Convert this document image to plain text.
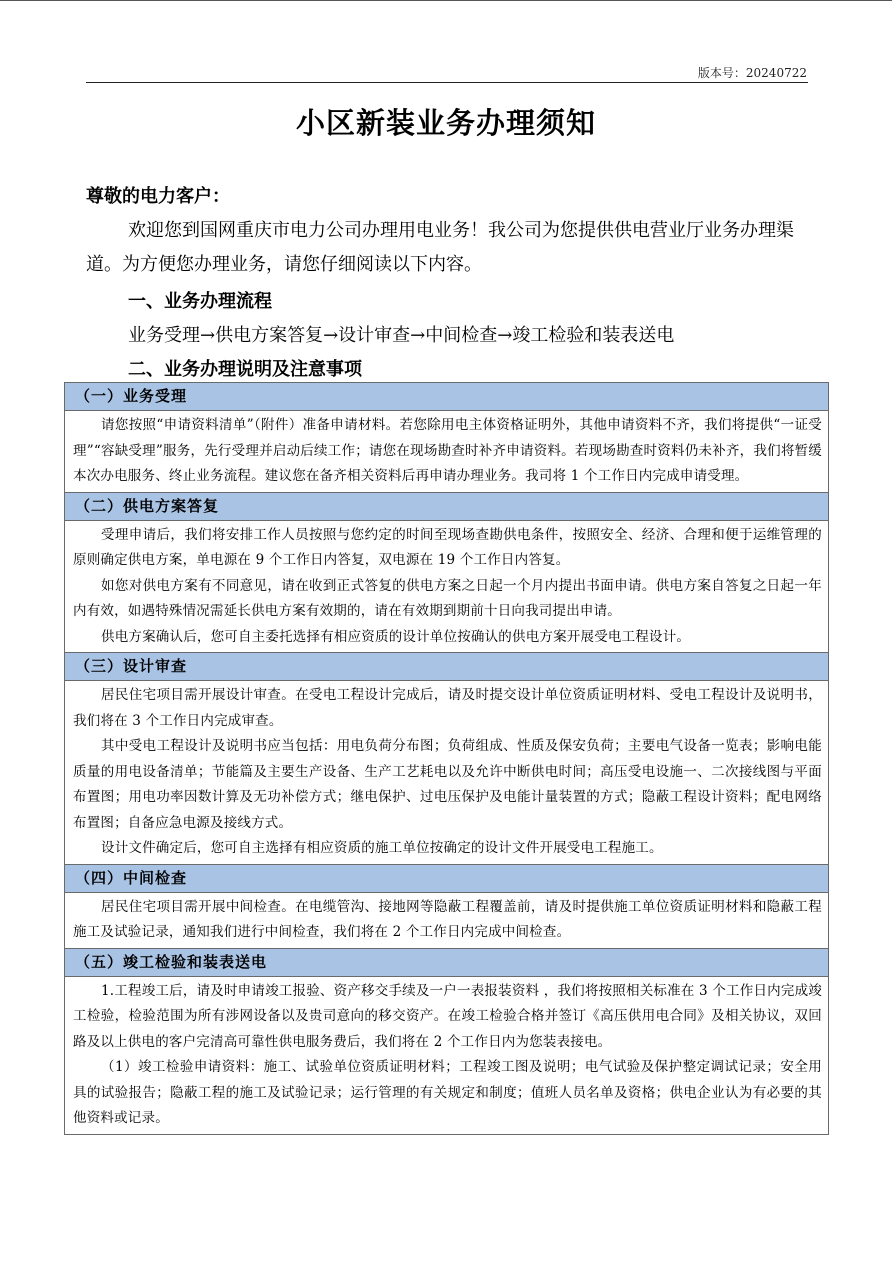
版本号：20240722
小区新装业务办理须知
尊敬的电力客户：
欢迎您到国网重庆市电力公司办理用电业务！我公司为您提供供电营业厅业务办理渠道。为方便您办理业务，请您仔细阅读以下内容。
一、业务办理流程
业务受理→供电方案答复→设计审查→中间检查→竣工检验和装表送电
二、业务办理说明及注意事项
（一）业务受理

请您按照“申请资料清单”（附件）准备申请材料。若您除用电主体资格证明外，其他申请资料不齐，我们将提供“一证受理”“容缺受理”服务，先行受理并启动后续工作；请您在现场勘查时补齐申请资料。若现场勘查时资料仍未补齐，我们将暂缓本次办电服务、终止业务流程。建议您在备齐相关资料后再申请办理业务。我司将 1 个工作日内完成申请受理。

（二）供电方案答复

受理申请后，我们将安排工作人员按照与您约定的时间至现场查勘供电条件，按照安全、经济、合理和便于运维管理的原则确定供电方案，单电源在 9 个工作日内答复，双电源在 19 个工作日内答复。

如您对供电方案有不同意见，请在收到正式答复的供电方案之日起一个月内提出书面申请。供电方案自答复之日起一年内有效，如遇特殊情况需延长供电方案有效期的，请在有效期到期前十日向我司提出申请。

供电方案确认后，您可自主委托选择有相应资质的设计单位按确认的供电方案开展受电工程设计。

（三）设计审查

居民住宅项目需开展设计审查。在受电工程设计完成后，请及时提交设计单位资质证明材料、受电工程设计及说明书，我们将在 3 个工作日内完成审查。

其中受电工程设计及说明书应当包括：用电负荷分布图；负荷组成、性质及保安负荷；主要电气设备一览表；影响电能质量的用电设备清单；节能篇及主要生产设备、生产工艺耗电以及允许中断供电时间；高压受电设施一、二次接线图与平面布置图；用电功率因数计算及无功补偿方式；继电保护、过电压保护及电能计量装置的方式；隐蔽工程设计资料；配电网络布置图；自备应急电源及接线方式。

设计文件确定后，您可自主选择有相应资质的施工单位按确定的设计文件开展受电工程施工。

（四）中间检查

居民住宅项目需开展中间检查。在电缆管沟、接地网等隐蔽工程覆盖前，请及时提供施工单位资质证明材料和隐蔽工程施工及试验记录，通知我们进行中间检查，我们将在 2 个工作日内完成中间检查。

（五）竣工检验和装表送电

1.工程竣工后，请及时申请竣工报验、资产移交手续及一户一表报装资料 ，我们将按照相关标准在 3 个工作日内完成竣工检验，检验范围为所有涉网设备以及贵司意向的移交资产。在竣工检验合格并签订《高压供用电合同》及相关协议，双回路及以上供电的客户完清高可靠性供电服务费后，我们将在 2 个工作日内为您装表接电。

（1）竣工检验申请资料：施工、试验单位资质证明材料；工程竣工图及说明；电气试验及保护整定调试记录；安全用具的试验报告；隐蔽工程的施工及试验记录；运行管理的有关规定和制度；值班人员名单及资格；供电企业认为有必要的其他资料或记录。
